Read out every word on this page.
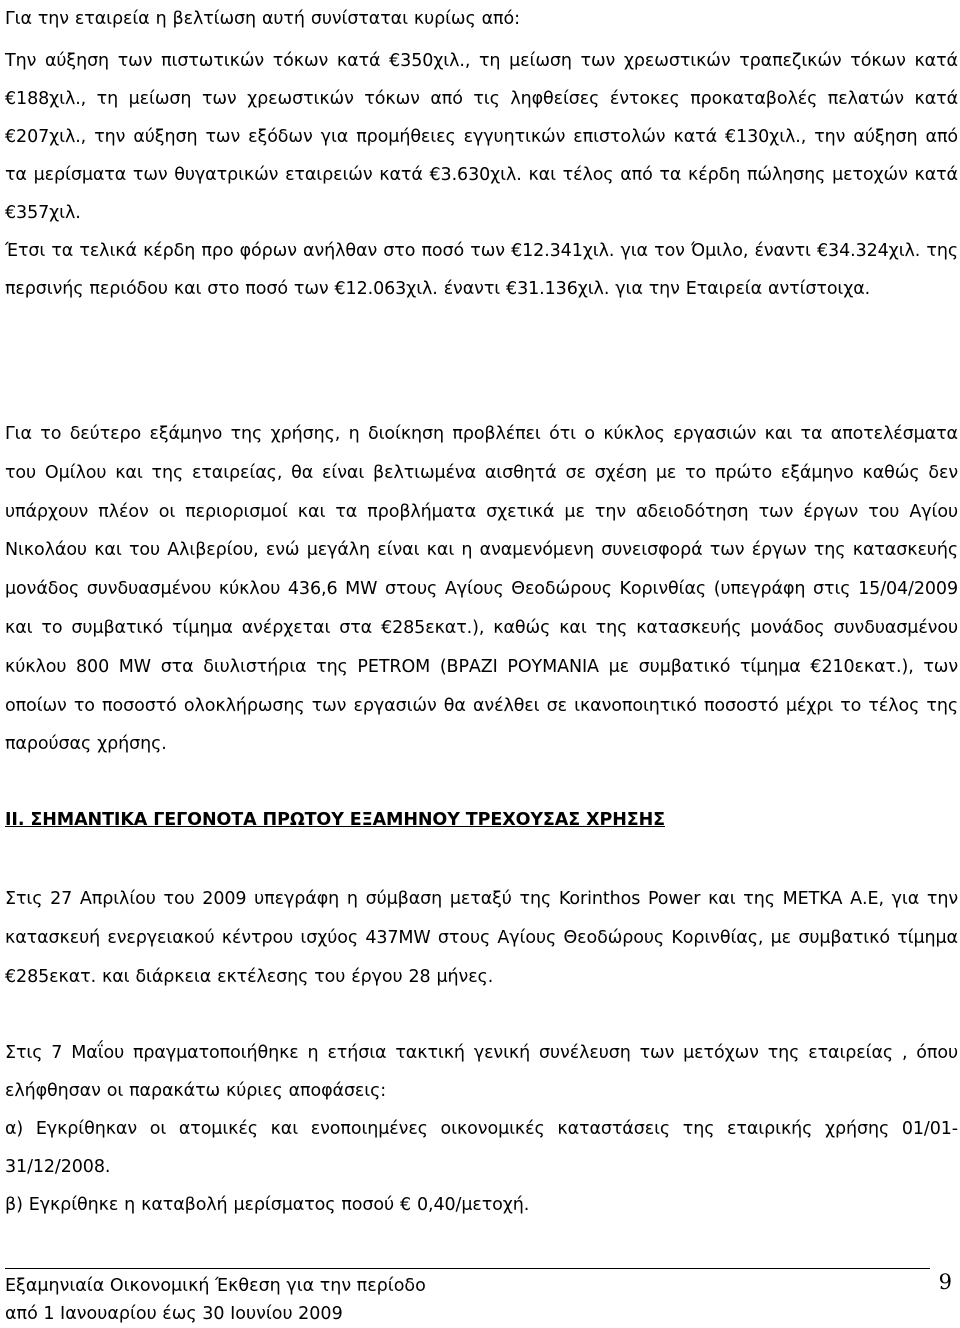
Για την εταιρεία η βελτίωση αυτή συνίσταται κυρίως από:

Την αύξηση των πιστωτικών τόκων κατά €350χιλ., τη μείωση των χρεωστικών τραπεζικών τόκων κατά €188χιλ., τη μείωση των χρεωστικών τόκων από τις ληφθείσες έντοκες προκαταβολές πελατών κατά €207χιλ., την αύξηση των εξόδων για προμήθειες εγγυητικών επιστολών κατά €130χιλ., την αύξηση από τα μερίσματα των θυγατρικών εταιρειών κατά €3.630χιλ. και τέλος από τα κέρδη πώλησης μετοχών κατά €357χιλ.
Έτσι τα τελικά κέρδη προ φόρων ανήλθαν στο ποσό των €12.341χιλ. για τον Όμιλο, έναντι €34.324χιλ. της περσινής περιόδου και στο ποσό των €12.063χιλ. έναντι €31.136χιλ. για την Εταιρεία αντίστοιχα.

Για το δεύτερο εξάμηνο της χρήσης, η διοίκηση προβλέπει ότι ο κύκλος εργασιών και τα αποτελέσματα του Ομίλου και της εταιρείας, θα είναι βελτιωμένα αισθητά σε σχέση με το πρώτο εξάμηνο καθώς δεν υπάρχουν πλέον οι περιορισμοί και τα προβλήματα σχετικά με την αδειοδότηση των έργων του Αγίου Νικολάου και του Αλιβερίου, ενώ μεγάλη είναι και η αναμενόμενη συνεισφορά των έργων της κατασκευής μονάδος συνδυασμένου κύκλου 436,6 MW στους Αγίους Θεοδώρους Κορινθίας (υπεγράφη στις 15/04/2009 και το συμβατικό τίμημα ανέρχεται στα €285εκατ.), καθώς και της κατασκευής μονάδος συνδυασμένου κύκλου 800 MW στα διυλιστήρια της PETROM (ΒΡΑΖΙ ΡΟΥΜΑΝΙΑ με συμβατικό τίμημα €210εκατ.), των οποίων το ποσοστό ολοκλήρωσης των εργασιών θα ανέλθει σε ικανοποιητικό ποσοστό μέχρι το τέλος της παρούσας χρήσης.

ΙΙ. ΣΗΜΑΝΤΙΚΑ ΓΕΓΟΝΟΤΑ ΠΡΩΤΟΥ ΕΞΑΜΗΝΟΥ ΤΡΕΧΟΥΣΑΣ ΧΡΗΣΗΣ

Στις 27 Απριλίου του 2009 υπεγράφη η σύμβαση μεταξύ της Korinthos Power και της ΜΕΤΚΑ Α.Ε, για την κατασκευή ενεργειακού κέντρου ισχύος 437MW στους Αγίους Θεοδώρους Κορινθίας, με συμβατικό τίμημα €285εκατ. και διάρκεια εκτέλεσης του έργου 28 μήνες.

Στις 7 Μαΐου πραγματοποιήθηκε η ετήσια τακτική γενική συνέλευση των μετόχων της εταιρείας , όπου ελήφθησαν οι παρακάτω κύριες αποφάσεις:
α) Εγκρίθηκαν οι ατομικές και ενοποιημένες οικονομικές καταστάσεις της εταιρικής χρήσης 01/01-
31/12/2008.
β) Εγκρίθηκε η καταβολή μερίσματος ποσού € 0,40/μετοχή.
Εξαμηνιαία Οικονομική Έκθεση για την περίοδο
από 1 Ιανουαρίου έως 30 Ιουνίου 2009
9
